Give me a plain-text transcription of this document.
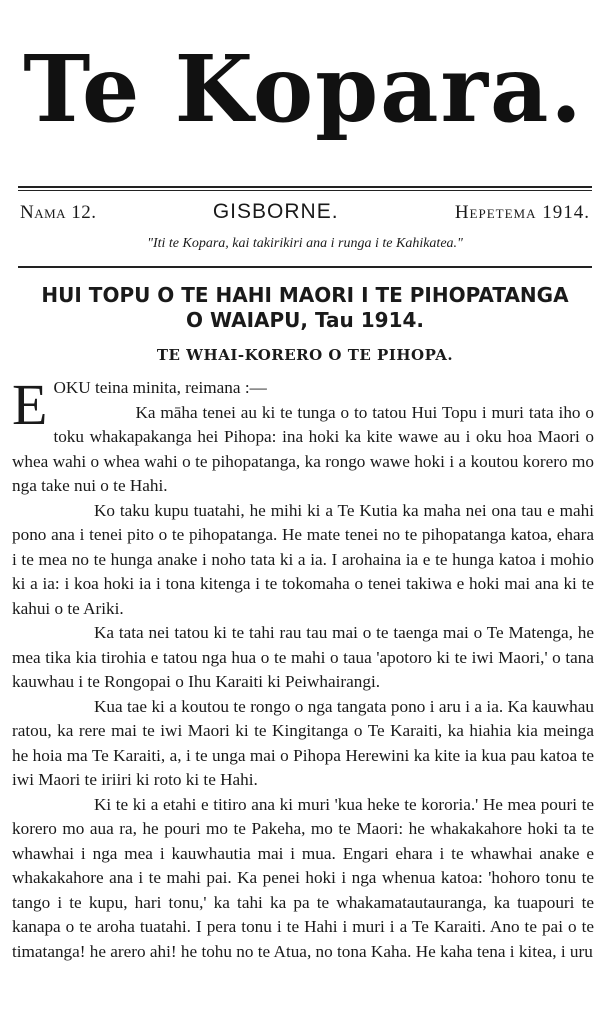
Te Kopara.
Nama 12.	GISBORNE.	Hepetema 1914.
"Iti te Kopara, kai takirikiri ana i runga i te Kahikatea."
HUI TOPU O TE HAHI MAORI I TE PIHOPATANGA
O WAIAPU, Tau 1914.
TE WHAI-KORERO O TE PIHOPA.

EOKU teina minita, reimana :—

Ka māha tenei au ki te tunga o to tatou Hui Topu i muri tata iho o toku whakapakanga hei Pihopa: ina hoki ka kite wawe au i oku hoa Maori o whea wahi o whea wahi o te pihopatanga, ka rongo wawe hoki i a koutou korero mo nga take nui o te Hahi.

Ko taku kupu tuatahi, he mihi ki a Te Kutia ka maha nei ona tau e mahi pono ana i tenei pito o te pihopatanga. He mate tenei no te pihopatanga katoa, ehara i te mea no te hunga anake i noho tata ki a ia. I arohaina ia e te hunga katoa i mohio ki a ia: i koa hoki ia i tona kitenga i te tokomaha o tenei takiwa e hoki mai ana ki te kahui o te Ariki.

Ka tata nei tatou ki te tahi rau tau mai o te taenga mai o Te Matenga, he mea tika kia tirohia e tatou nga hua o te mahi o taua 'apotoro ki te iwi Maori,' o tana kauwhau i te Rongopai o Ihu Karaiti ki Peiwhairangi.

Kua tae ki a koutou te rongo o nga tangata pono i aru i a ia. Ka kauwhau ratou, ka rere mai te iwi Maori ki te Kingitanga o Te Karaiti, ka hiahia kia meinga he hoia ma Te Karaiti, a, i te unga mai o Pihopa Herewini ka kite ia kua pau katoa te iwi Maori te iriiri ki roto ki te Hahi.

Ki te ki a etahi e titiro ana ki muri 'kua heke te kororia.' He mea pouri te korero mo aua ra, he pouri mo te Pakeha, mo te Maori: he whakakahore hoki ta te whawhai i nga mea i kauwhautia mai i mua. Engari ehara i te whawhai anake e whakakahore ana i te mahi pai. Ka penei hoki i nga whenua katoa: 'hohoro tonu te tango i te kupu, hari tonu,' ka tahi ka pa te whakamatautauranga, ka tuapouri te kanapa o te aroha tuatahi. I pera tonu i te Hahi i muri i a Te Karaiti. Ano te pai o te timatanga! he arero ahi! he tohu no te Atua, no tona Kaha. He kaha tena i kitea, i uru
